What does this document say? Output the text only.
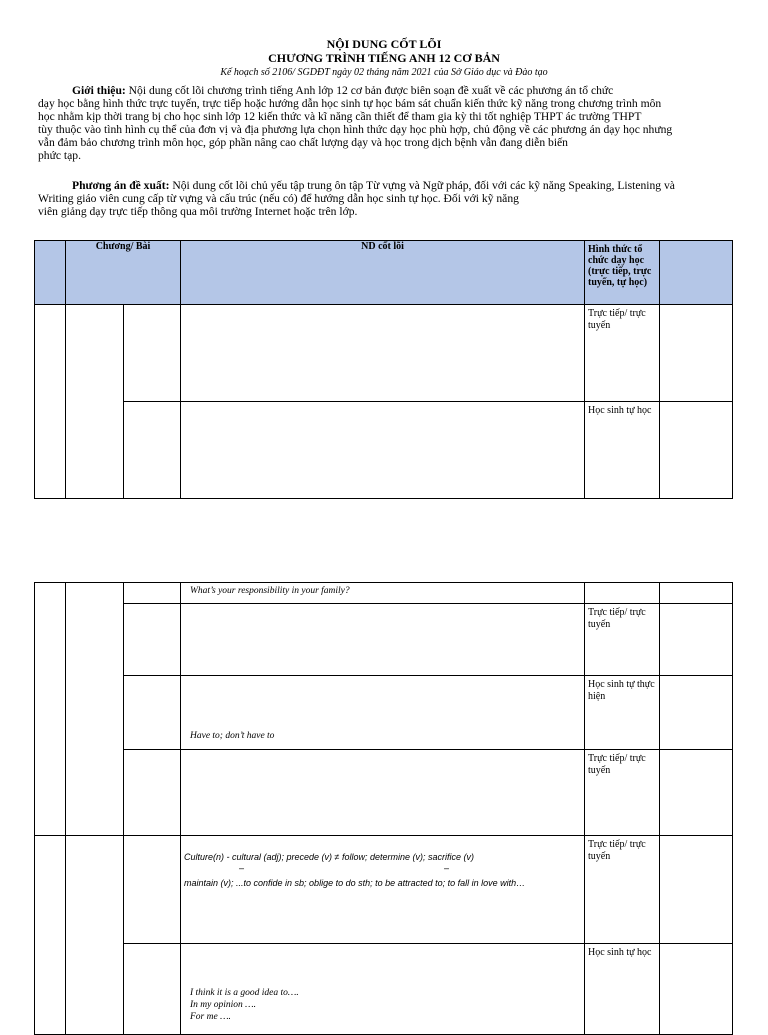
NỘI DUNG CỐT LÕI
CHƯƠNG TRÌNH TIẾNG ANH 12 CƠ BẢN
Kế hoạch số 2106/ SGDĐT ngày 02 tháng năm 2021 của Sở Giáo dục và Đào tạo
Giới thiệu: Nội dung cốt lõi chương trình tiếng Anh lớp 12 cơ bản được biên soạn đề xuất về các phương án tổ chức
dạy học bằng hình thức trực tuyến, trực tiếp hoặc hướng dẫn học sinh tự học bám sát chuẩn kiến thức kỹ năng trong chương trình môn
học nhằm kịp thời trang bị cho học sinh lớp 12 kiến thức và kĩ năng cần thiết để tham gia kỳ thi tốt nghiệp THPT ác trường THPT
tùy thuộc vào tình hình cụ thể của đơn vị và địa phương lựa chọn hình thức dạy học phù hợp, chủ động về các phương án dạy học nhưng
vẫn đảm bảo chương trình môn học, góp phần nâng cao chất lượng dạy và học trong dịch bệnh vẫn đang diễn biến
phức tạp.
Phương án đề xuất: Nội dung cốt lõi chủ yếu tập trung ôn tập Từ vựng và Ngữ pháp, đối với các kỹ năng Speaking, Listening và
Writing giáo viên cung cấp từ vựng và cấu trúc (nếu có) để hướng dẫn học sinh tự học. Đối với kỹ năng
viên giảng dạy trực tiếp thông qua môi trường Internet hoặc trên lớp.
	Chương/ Bài		ND cốt lõi	Hình thức tổ chức dạy học (trực tiếp, trực tuyến, tự học)	

				Trực tiếp/ trực tuyến	

				Học sinh tự học	

			What’s your responsibility in your family?		

				Trực tiếp/ trực tuyến	

			Have to; don’t have to	Học sinh tự thực hiện	

				Trực tiếp/ trực tuyến	

			Culture(n) - cultural (adj); precede (v) ≠ follow; determine (v); sacrifice (v)
– –
maintain (v); ...to confide in sb; oblige to do sth; to be attracted to; to fall in love with…	Trực tiếp/ trực tuyến	

			I think it is a good idea to….
In my opinion ….
For me ….	Học sinh tự học	
